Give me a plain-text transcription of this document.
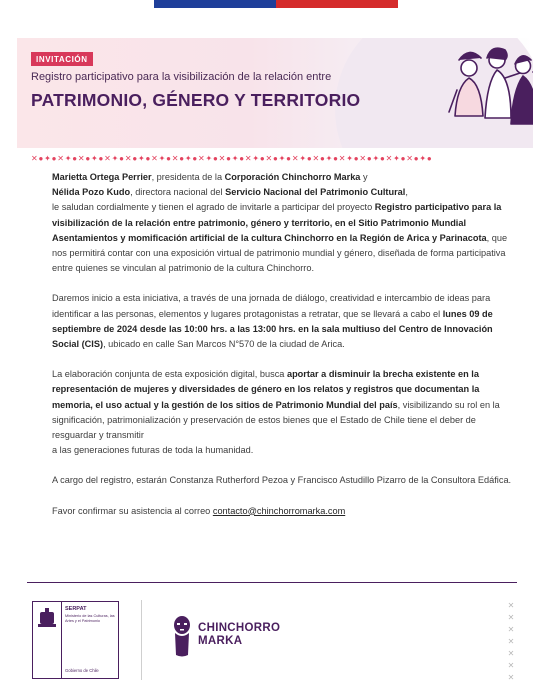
INVITACIÓN
Registro participativo para la visibilización de la relación entre
PATRIMONIO, GÉNERO Y TERRITORIO
✕●✦●✕✦●✕●✦●✕✦●✕●✦●✕✦●✕●✦●✕✦●✕●✦●✕✦●✕●✦●✕✦●✕●✦●✕✦●✕●✦●✕✦●✕●✦●

Marietta Ortega Perrier, presidenta de la Corporación Chinchorro Marka y
Nélida Pozo Kudo, directora nacional del Servicio Nacional del Patrimonio Cultural,
le saludan cordialmente y tienen el agrado de invitarle a participar del proyecto Registro participativo para la visibilización de la relación entre patrimonio, género y territorio, en el Sitio Patrimonio Mundial Asentamientos y momificación artificial de la cultura Chinchorro en la Región de Arica y Parinacota, que nos permitirá contar con una exposición virtual de patrimonio mundial y género, diseñada de forma participativa entre quienes se vinculan al patrimonio de la cultura Chinchorro.

Daremos inicio a esta iniciativa, a través de una jornada de diálogo, creatividad e intercambio de ideas para identificar a las personas, elementos y lugares protagonistas a retratar, que se llevará a cabo el lunes 09 de septiembre de 2024 desde las 10:00 hrs. a las 13:00 hrs. en la sala multiuso del Centro de Innovación Social (CIS), ubicado en calle San Marcos N°570 de la ciudad de Arica.

La elaboración conjunta de esta exposición digital, busca aportar a disminuir la brecha existente en la representación de mujeres y diversidades de género en los relatos y registros que documentan la memoria, el uso actual y la gestión de los sitios de Patrimonio Mundial del país, visibilizando su rol en la significación, patrimonialización y preservación de estos bienes que el Estado de Chile tiene el deber de resguardar y transmitir
a las generaciones futuras de toda la humanidad.

A cargo del registro, estarán Constanza Rutherford Pezoa y Francisco Astudillo Pizarro de la Consultora Edáfica.

Favor confirmar su asistencia al correo contacto@chinchorromarka.com

SERPAT
Ministerio de las Culturas, las Artes y el Patrimonio
Gobierno de Chile
CHINCHORRO
MARKA
✕
✕
✕
✕
✕
✕
✕
